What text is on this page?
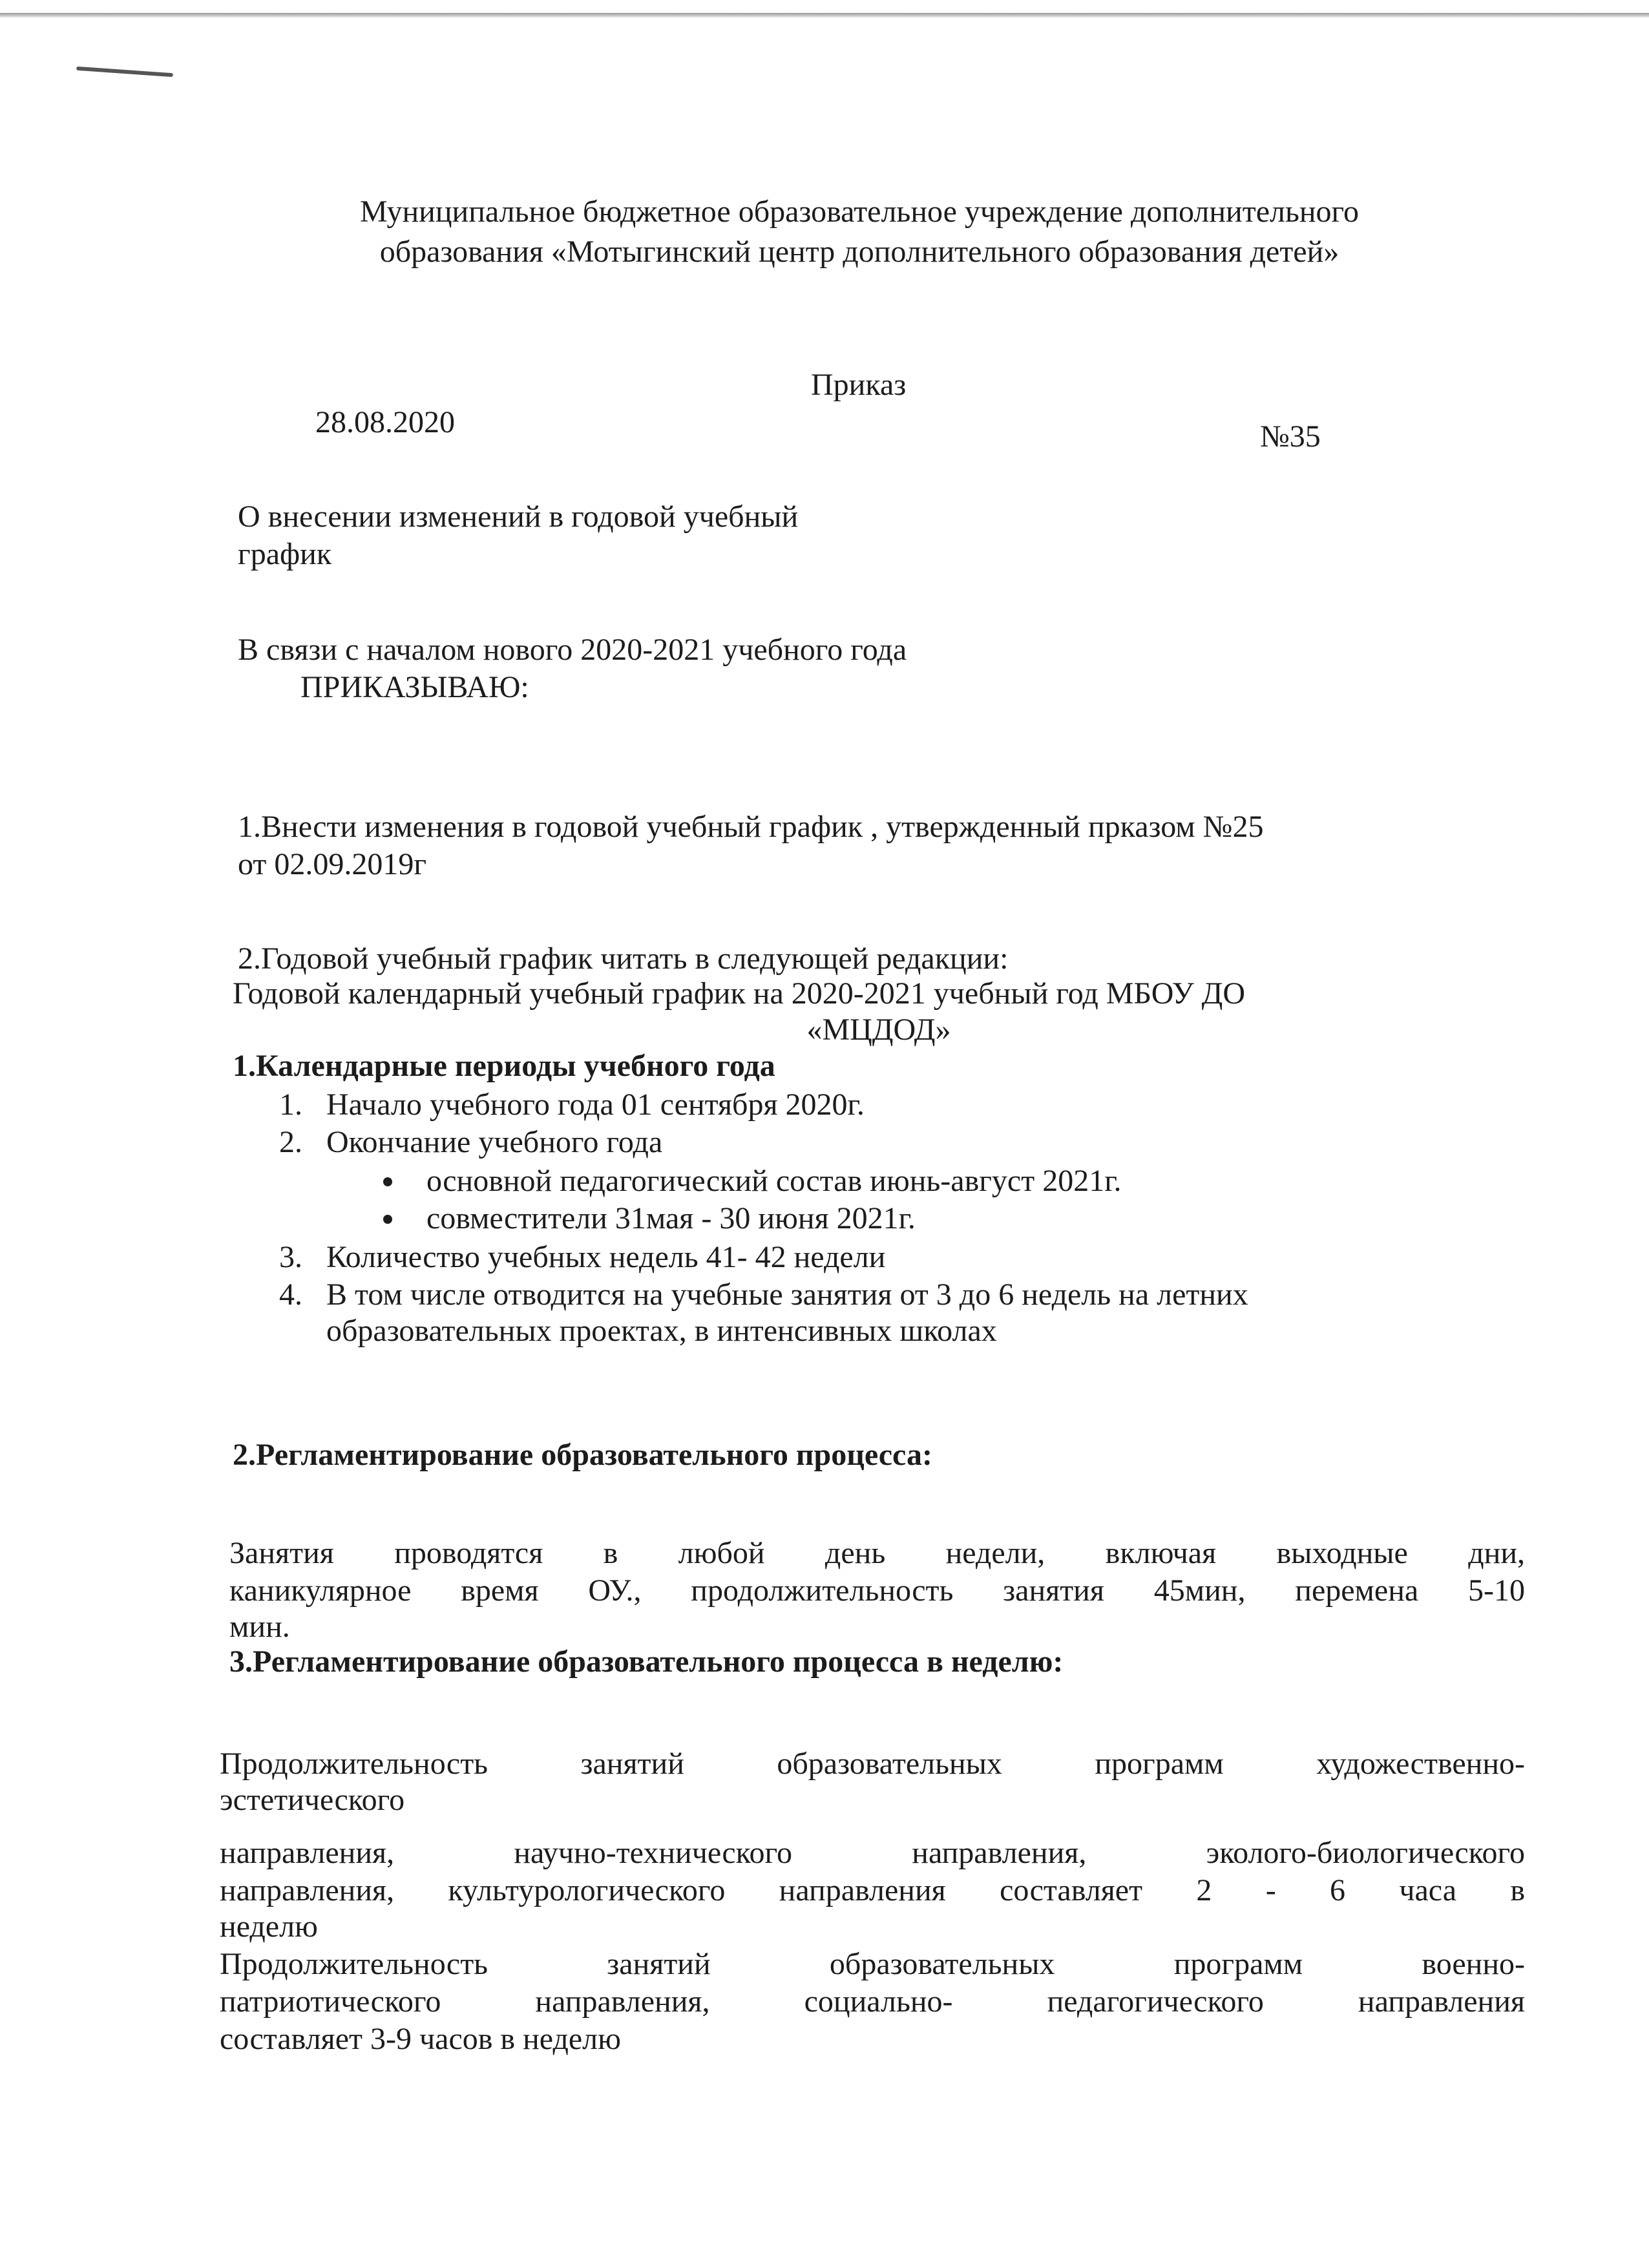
Муниципальное бюджетное образовательное учреждение дополнительного
образования «Мотыгинский центр дополнительного образования детей»
Приказ
28.08.2020	№35
О внесении изменений в годовой учебный
график
В связи с началом нового 2020-2021 учебного года
ПРИКАЗЫВАЮ:
1.Внести изменения в годовой учебный график , утвержденный прказом №25
от 02.09.2019г
2.Годовой учебный график читать в следующей редакции:
Годовой календарный учебный график на 2020-2021 учебный год МБОУ ДО
«МЦДОД»
1.Календарные периоды учебного года
1. Начало учебного года 01 сентября 2020г.
2. Окончание учебного года
основной педагогический состав июнь-август 2021г.
совместители 31мая - 30 июня 2021г.
3. Количество учебных недель 41- 42 недели
4. В том числе отводится на учебные занятия от 3 до 6 недель на летних
образовательных проектах, в интенсивных школах
2.Регламентирование образовательного процесса:
Занятия проводятся в любой день недели, включая выходные дни,
каникулярное время ОУ., продолжительность занятия 45мин, перемена 5-10
мин.
3.Регламентирование образовательного процесса в неделю:
Продолжительность занятий образовательных программ художественно-
эстетического
направления, научно-технического направления, эколого-биологического
направления, культурологического направления составляет 2 - 6 часа в
неделю
Продолжительность занятий образовательных программ военно-
патриотического направления, социально- педагогического направления
составляет 3-9 часов в неделю
